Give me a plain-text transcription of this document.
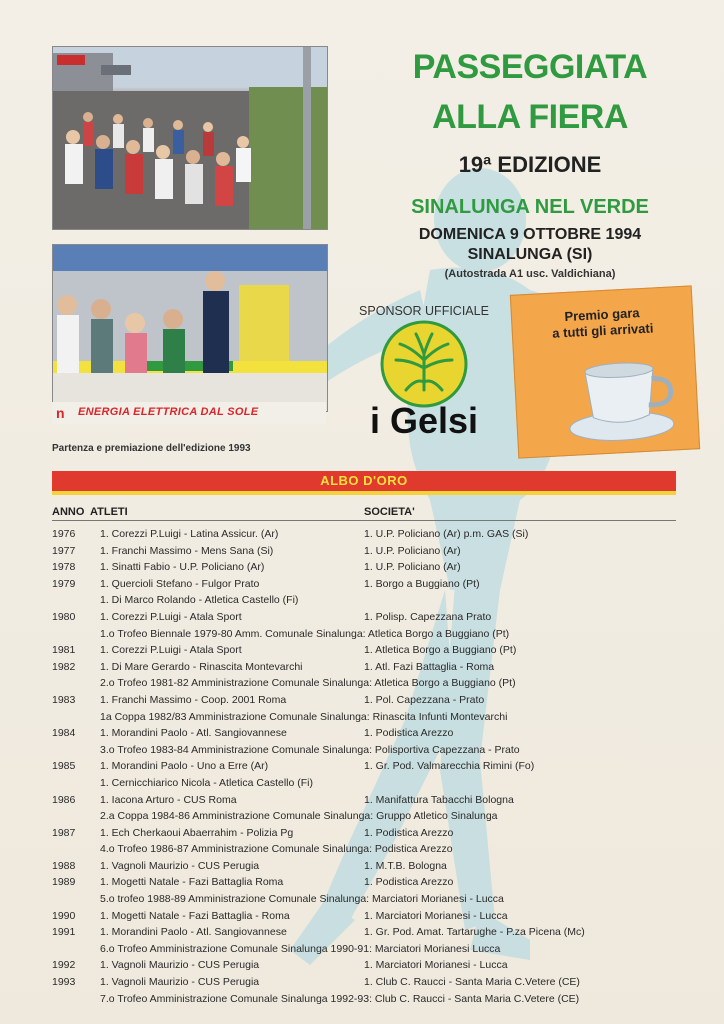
n ENERGIA ELETTRICA DAL SOLE
Partenza e premiazione dell'edizione 1993
PASSEGGIATA
ALLA FIERA
19ª EDIZIONE
SINALUNGA NEL VERDE
DOMENICA 9 OTTOBRE 1994
SINALUNGA (SI)
(Autostrada A1 usc. Valdichiana)
SPONSOR UFFICIALE
i Gelsi
Premio gara
a tutti gli arrivati
ALBO D'ORO
ANNO ATLETI	SOCIETA'
1976	1. Corezzi P.Luigi - Latina Assicur. (Ar)	1. U.P. Policiano (Ar) p.m. GAS (Si)
1977	1. Franchi Massimo - Mens Sana (Si)	1. U.P. Policiano (Ar)
1978	1. Sinatti Fabio - U.P. Policiano (Ar)	1. U.P. Policiano (Ar)
1979	1. Quercioli Stefano - Fulgor Prato	1. Borgo a Buggiano (Pt)
1. Di Marco Rolando - Atletica Castello (Fi)
1980	1. Corezzi P.Luigi - Atala Sport	1. Polisp. Capezzana Prato
1.o Trofeo Biennale 1979-80 Amm. Comunale Sinalunga: Atletica Borgo a Buggiano (Pt)
1981	1. Corezzi P.Luigi - Atala Sport	1. Atletica Borgo a Buggiano (Pt)
1982	1. Di Mare Gerardo - Rinascita Montevarchi	1. Atl. Fazi Battaglia - Roma
2.o Trofeo 1981-82 Amministrazione Comunale Sinalunga: Atletica Borgo a Buggiano (Pt)
1983	1. Franchi Massimo - Coop. 2001 Roma	1. Pol. Capezzana - Prato
1a Coppa 1982/83 Amministrazione Comunale Sinalunga: Rinascita Infunti Montevarchi
1984	1. Morandini Paolo - Atl. Sangiovannese	1. Podistica Arezzo
3.o Trofeo 1983-84 Amministrazione Comunale Sinalunga: Polisportiva Capezzana - Prato
1985	1. Morandini Paolo - Uno a Erre (Ar)	1. Gr. Pod. Valmarecchia Rimini (Fo)
1. Cernicchiarico Nicola - Atletica Castello (Fi)
1986	1. Iacona Arturo - CUS Roma	1. Manifattura Tabacchi Bologna
2.a Coppa 1984-86 Amministrazione Comunale Sinalunga: Gruppo Atletico Sinalunga
1987	1. Ech Cherkaoui Abaerrahim - Polizia Pg	1. Podistica Arezzo
4.o Trofeo 1986-87 Amministrazione Comunale Sinalunga: Podistica Arezzo
1988	1. Vagnoli Maurizio - CUS Perugia	1. M.T.B. Bologna
1989	1. Mogetti Natale - Fazi Battaglia Roma	1. Podistica Arezzo
5.o trofeo 1988-89 Amministrazione Comunale Sinalunga: Marciatori Morianesi - Lucca
1990	1. Mogetti Natale - Fazi Battaglia - Roma	1. Marciatori Morianesi - Lucca
1991	1. Morandini Paolo - Atl. Sangiovannese	1. Gr. Pod. Amat. Tartarughe - P.za Picena (Mc)
6.o Trofeo Amministrazione Comunale Sinalunga 1990-91: Marciatori Morianesi Lucca
1992	1. Vagnoli Maurizio - CUS Perugia	1. Marciatori Morianesi - Lucca
1993	1. Vagnoli Maurizio - CUS Perugia	1. Club C. Raucci - Santa Maria C.Vetere (CE)
7.o Trofeo Amministrazione Comunale Sinalunga 1992-93: Club C. Raucci - Santa Maria C.Vetere (CE)
